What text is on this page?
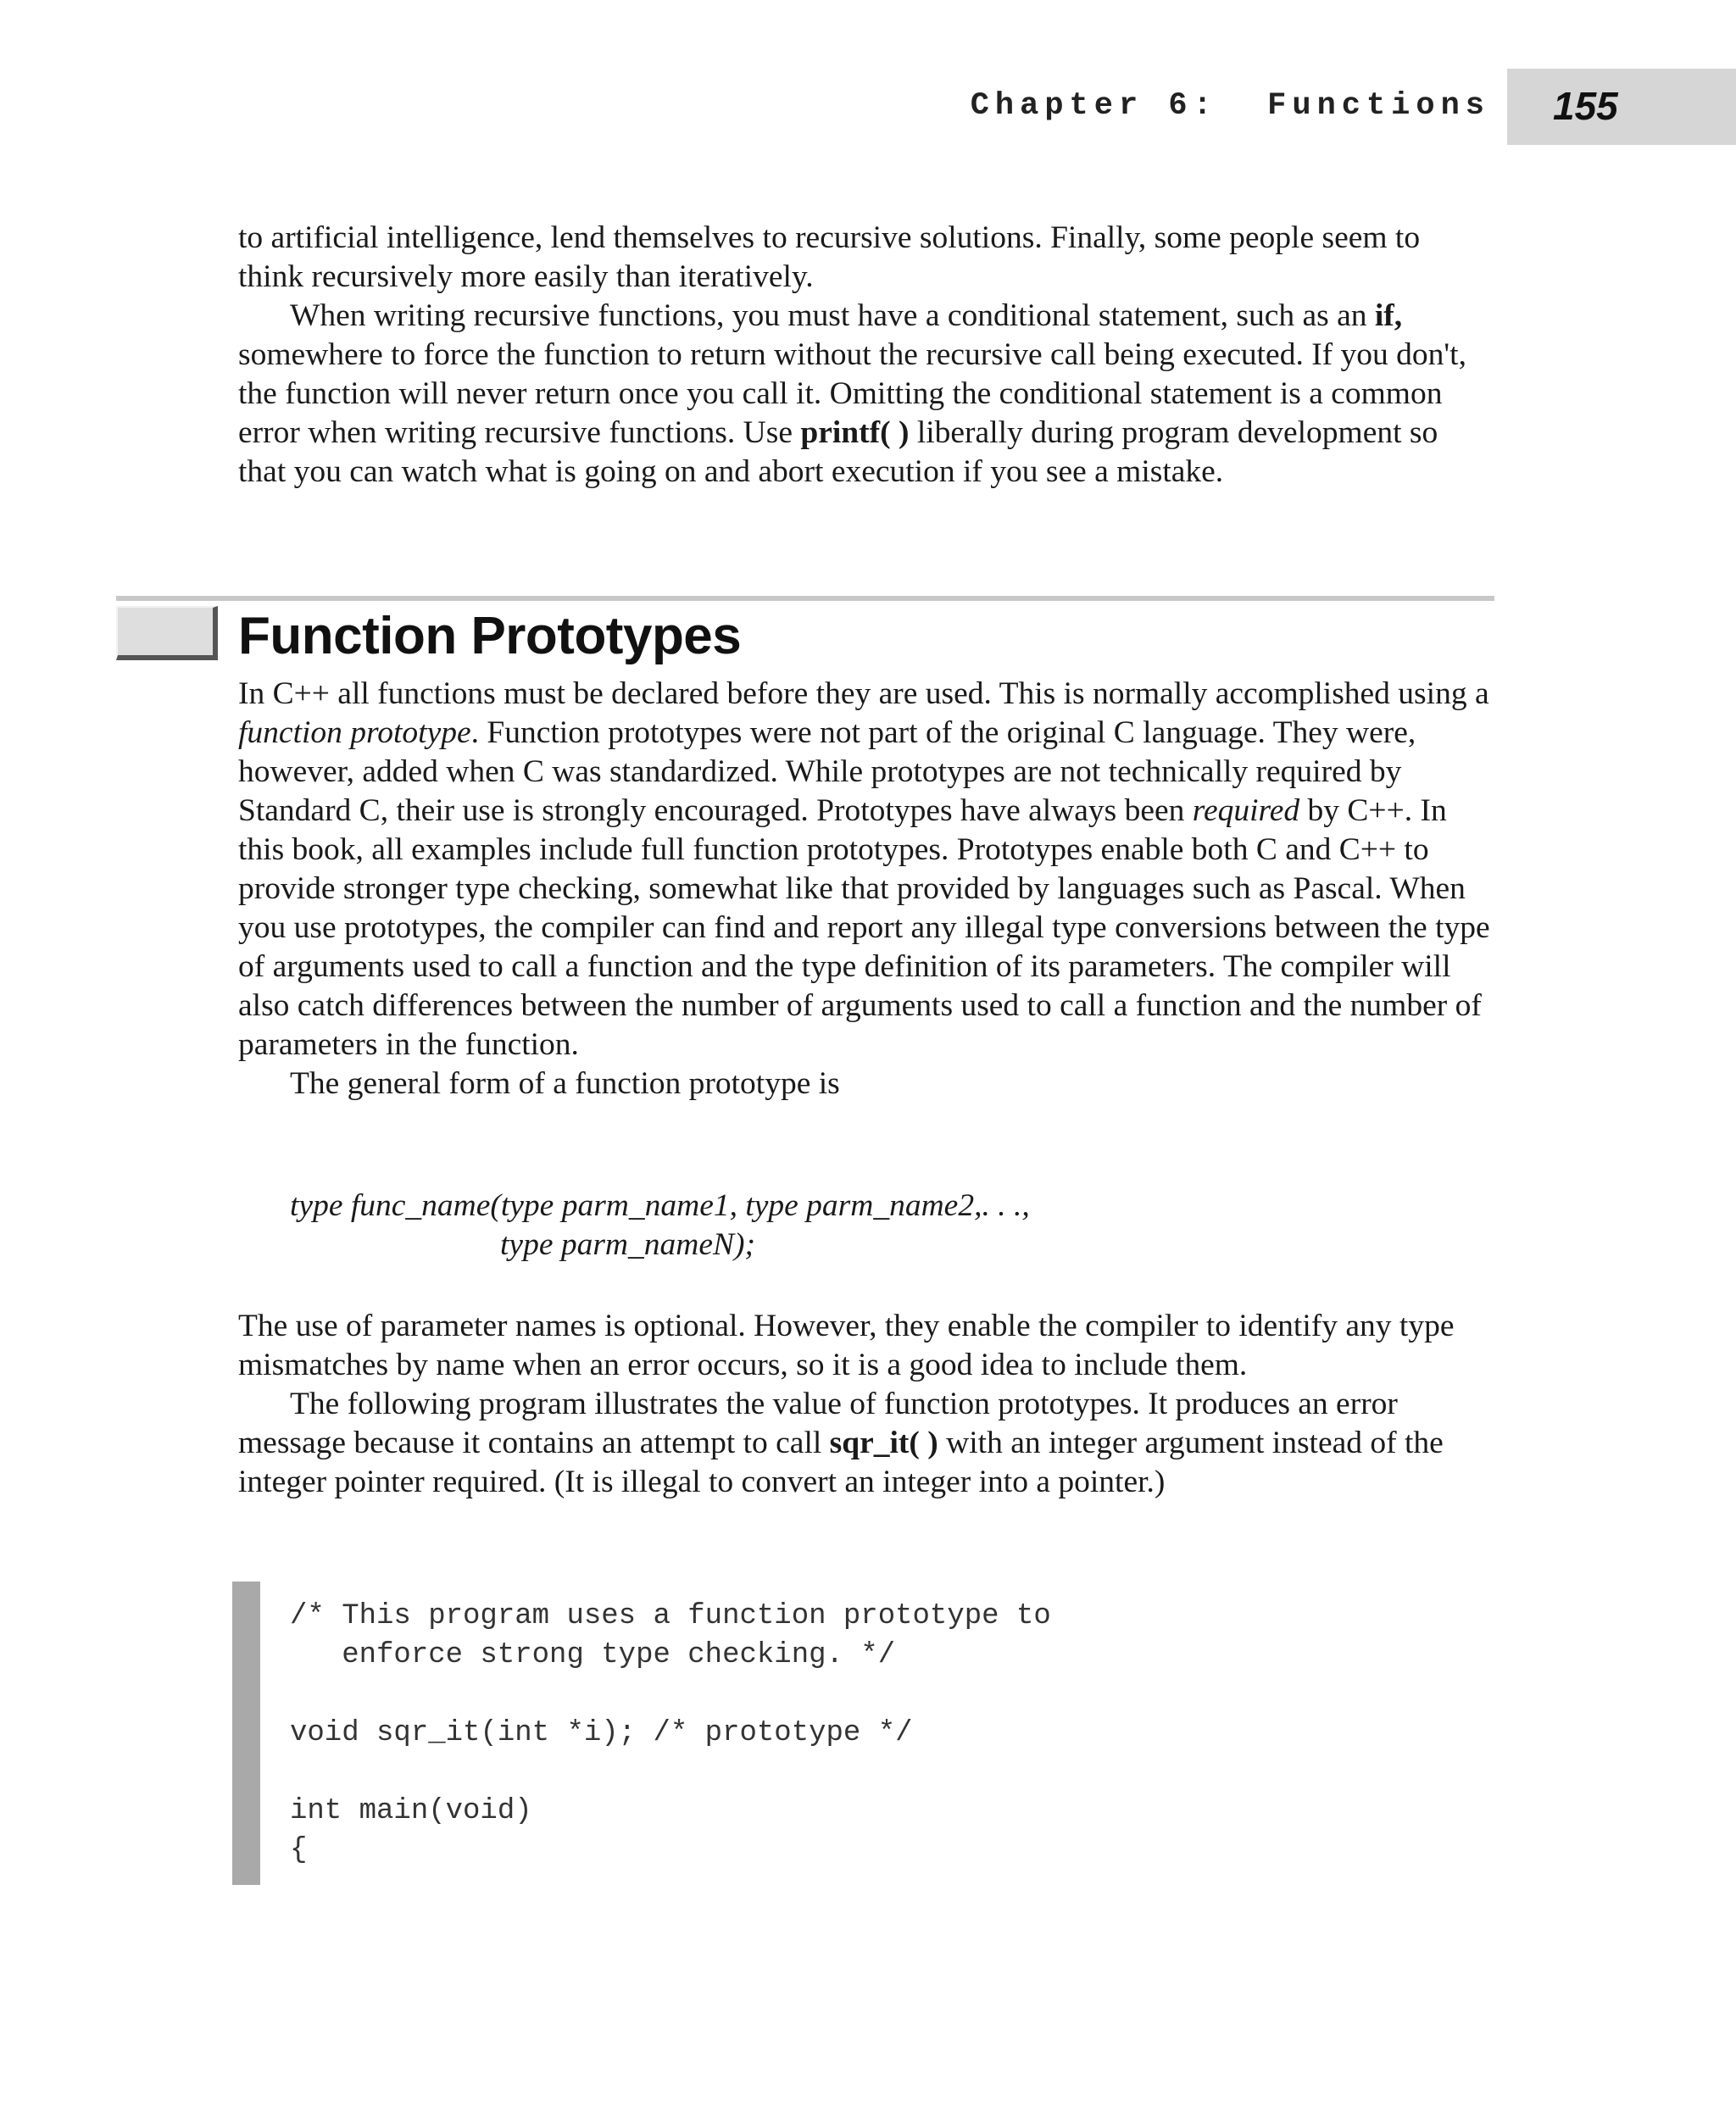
Chapter 6:  Functions 155

to artificial intelligence, lend themselves to recursive solutions. Finally, some people seem to think recursively more easily than iteratively.

When writing recursive functions, you must have a conditional statement, such as an if, somewhere to force the function to return without the recursive call being executed. If you don't, the function will never return once you call it. Omitting the conditional statement is a common error when writing recursive functions. Use printf( ) liberally during program development so that you can watch what is going on and abort execution if you see a mistake.

Function Prototypes

In C++ all functions must be declared before they are used. This is normally accomplished using a function prototype. Function prototypes were not part of the original C language. They were, however, added when C was standardized. While prototypes are not technically required by Standard C, their use is strongly encouraged. Prototypes have always been required by C++. In this book, all examples include full function prototypes. Prototypes enable both C and C++ to provide stronger type checking, somewhat like that provided by languages such as Pascal. When you use prototypes, the compiler can find and report any illegal type conversions between the type of arguments used to call a function and the type definition of its parameters. The compiler will also catch differences between the number of arguments used to call a function and the number of parameters in the function.

The general form of a function prototype is

type func_name(type parm_name1, type parm_name2,. . .,
type parm_nameN);

The use of parameter names is optional. However, they enable the compiler to identify any type mismatches by name when an error occurs, so it is a good idea to include them.

The following program illustrates the value of function prototypes. It produces an error message because it contains an attempt to call sqr_it( ) with an integer argument instead of the integer pointer required. (It is illegal to convert an integer into a pointer.)

/* This program uses a function prototype to
enforce strong type checking. */

void sqr_it(int *i); /* prototype */

int main(void)
{
